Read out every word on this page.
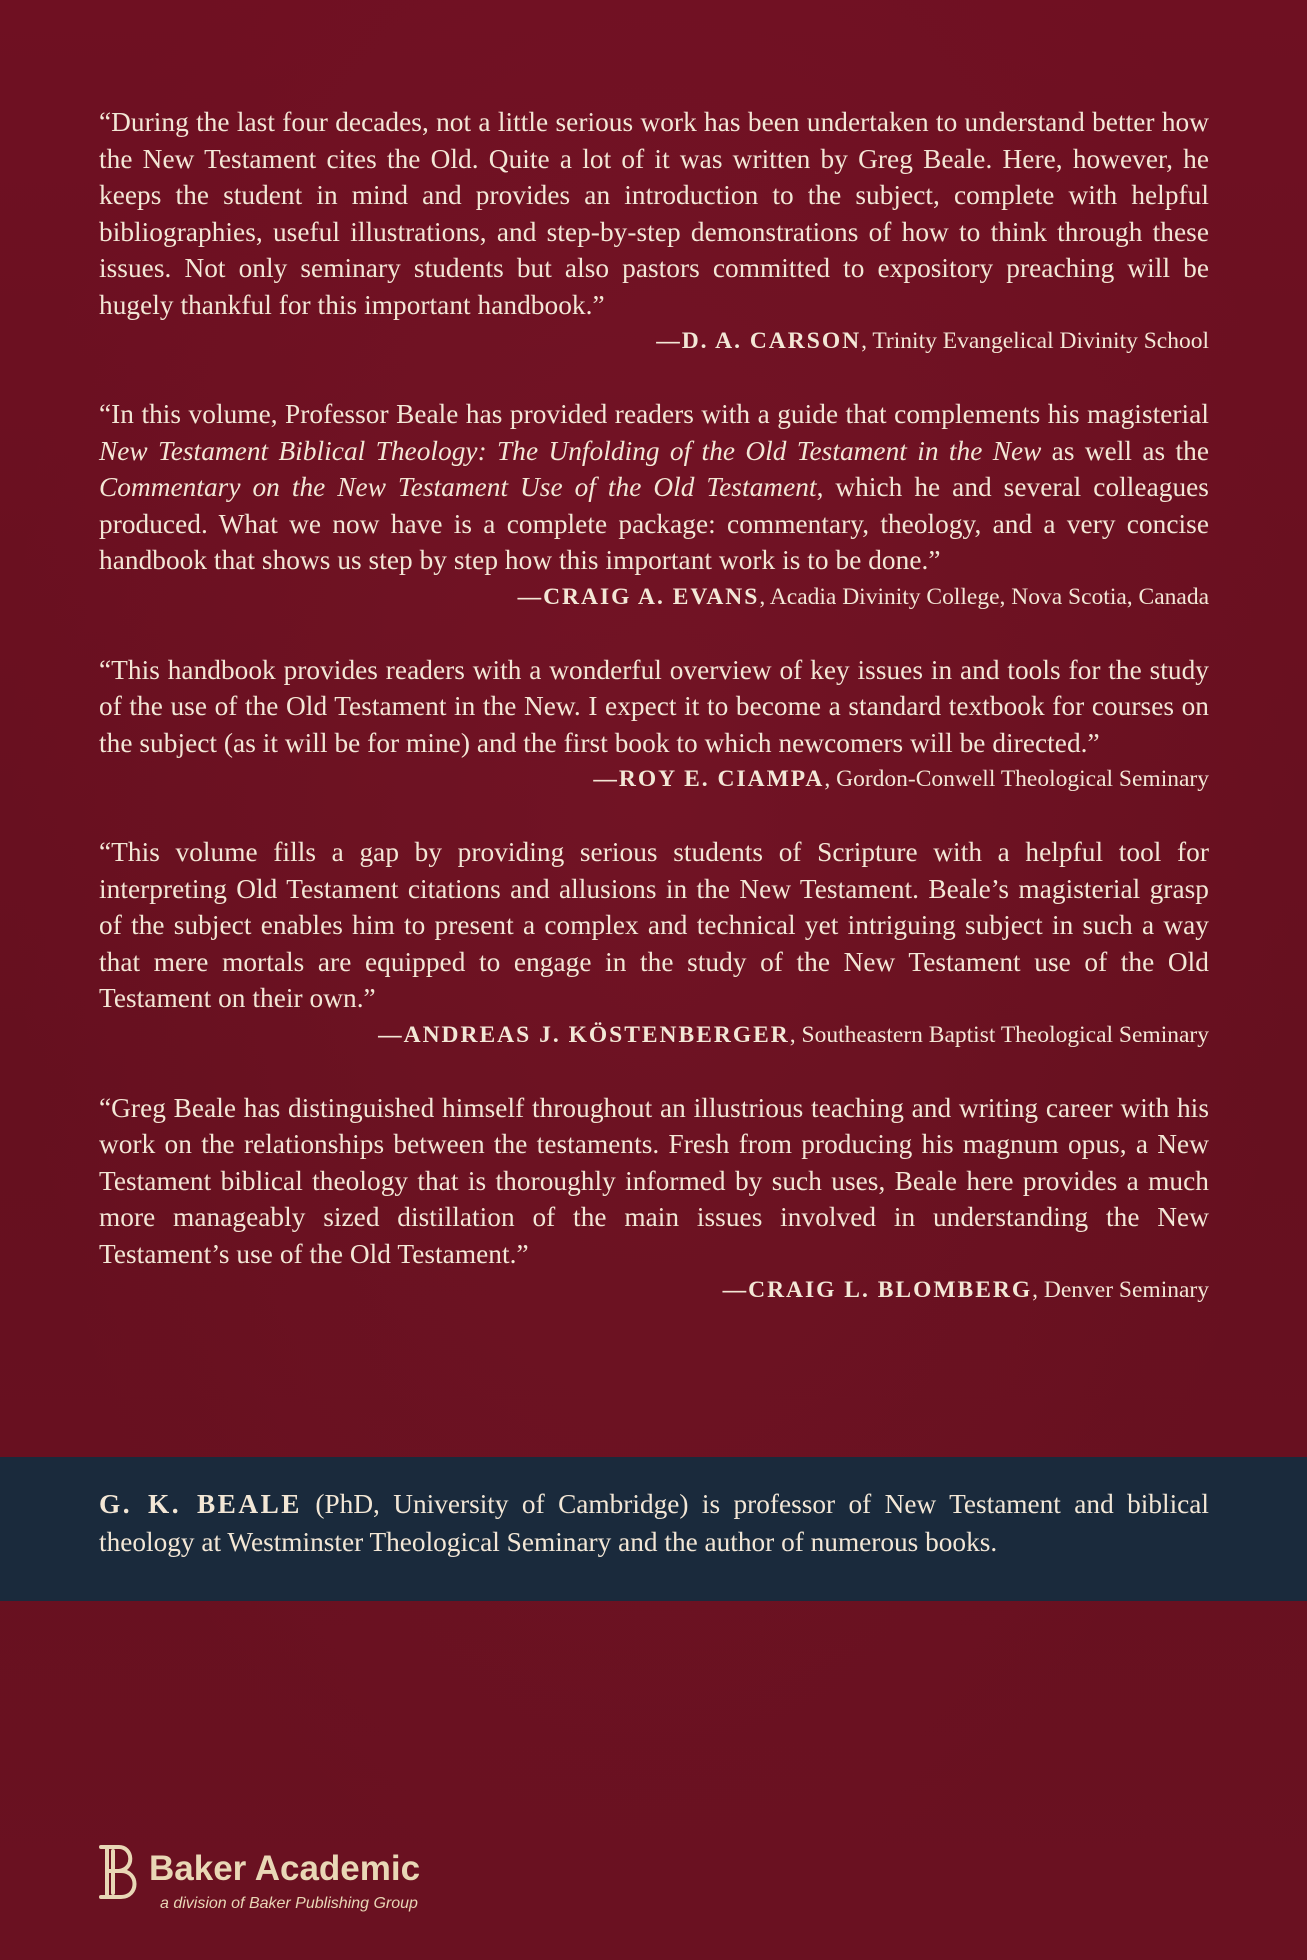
“During the last four decades, not a little serious work has been undertaken to understand better how the New Testament cites the Old. Quite a lot of it was written by Greg Beale. Here, however, he keeps the student in mind and provides an introduction to the subject, complete with helpful bibliographies, useful illustrations, and step-by-step demonstrations of how to think through these issues. Not only seminary students but also pastors committed to expository preaching will be hugely thankful for this important handbook.”

—D. A. CARSON, Trinity Evangelical Divinity School

“In this volume, Professor Beale has provided readers with a guide that complements his magisterial New Testament Biblical Theology: The Unfolding of the Old Testament in the New as well as the Commentary on the New Testament Use of the Old Testament, which he and several colleagues produced. What we now have is a complete package: commentary, theology, and a very concise handbook that shows us step by step how this important work is to be done.”

—CRAIG A. EVANS, Acadia Divinity College, Nova Scotia, Canada

“This handbook provides readers with a wonderful overview of key issues in and tools for the study of the use of the Old Testament in the New. I expect it to become a standard textbook for courses on the subject (as it will be for mine) and the first book to which newcomers will be directed.”

—ROY E. CIAMPA, Gordon-Conwell Theological Seminary

“This volume fills a gap by providing serious students of Scripture with a helpful tool for interpreting Old Testament citations and allusions in the New Testament. Beale’s magisterial grasp of the subject enables him to present a complex and technical yet intriguing subject in such a way that mere mortals are equipped to engage in the study of the New Testament use of the Old Testament on their own.”

—ANDREAS J. KÖSTENBERGER, Southeastern Baptist Theological Seminary

“Greg Beale has distinguished himself throughout an illustrious teaching and writing career with his work on the relationships between the testaments. Fresh from producing his magnum opus, a New Testament biblical theology that is thoroughly informed by such uses, Beale here provides a much more manageably sized distillation of the main issues involved in understanding the New Testament’s use of the Old Testament.”

—CRAIG L. BLOMBERG, Denver Seminary

G. K. BEALE (PhD, University of Cambridge) is professor of New Testament and biblical theology at Westminster Theological Seminary and the author of numerous books.

Baker Academic
a division of Baker Publishing Group
